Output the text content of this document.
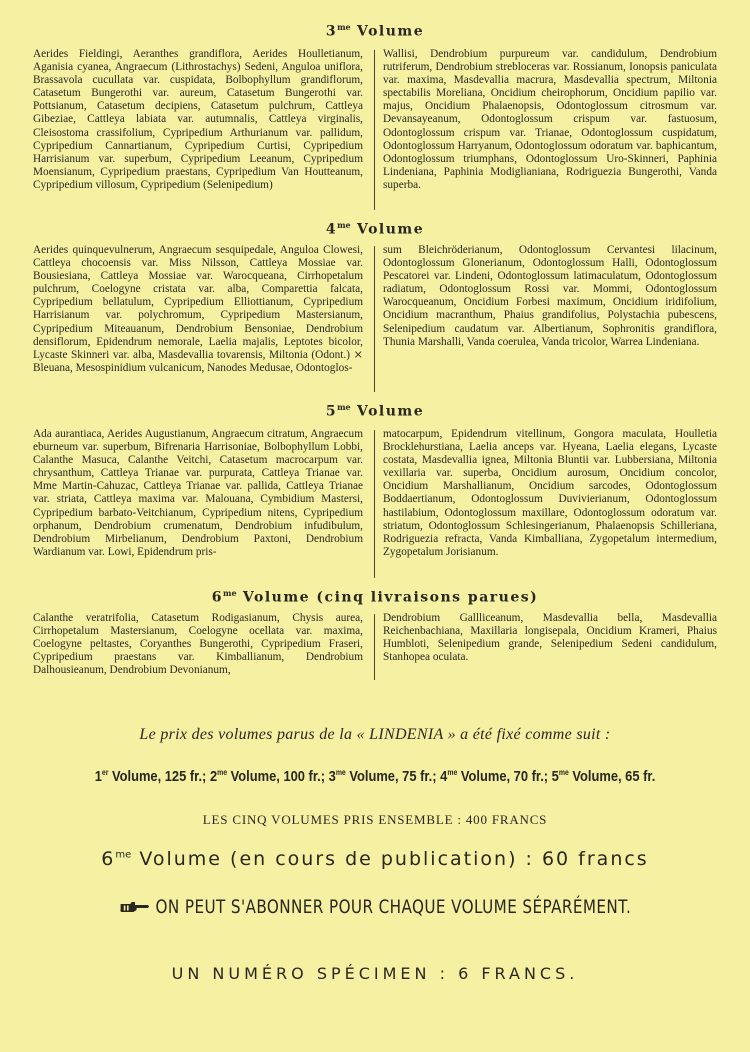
$3^{me}$ Volume
Aerides Fieldingi, Aeranthes grandiflora, Aerides Houlletianum, Aganisia cyanea, Angraecum (Lithrostachys) Sedeni, Anguloa uniflora, Brassavola cucullata var. cuspidata, Bolbophyllum grandiflorum, Catasetum Bungerothi var. aureum, Catasetum Bungerothi var. Pottsianum, Catasetum decipiens, Catasetum pulchrum, Cattleya Gibeziae, Cattleya labiata var. autumnalis, Cattleya virginalis, Cleisostoma crassifolium, Cypripedium Arthurianum var. pallidum, Cypripedium Cannartianum, Cypripedium Curtisi, Cypripedium Harrisianum var. superbum, Cypripedium Leeanum, Cypripedium Moensianum, Cypripedium praestans, Cypripedium Van Houtteanum, Cypripedium villosum, Cypripedium (Selenipedium)
Wallisi, Dendrobium purpureum var. candidulum, Dendrobium rutriferum, Dendrobium strebloceras var. Rossianum, Ionopsis paniculata var. maxima, Masdevallia macrura, Masdevallia spectrum, Miltonia spectabilis Moreliana, Oncidium cheirophorum, Oncidium papilio var. majus, Oncidium Phalaenopsis, Odontoglossum citrosmum var. Devansayeanum, Odontoglossum crispum var. fastuosum, Odontoglossum crispum var. Trianae, Odontoglossum cuspidatum, Odontoglossum Harryanum, Odontoglossum odoratum var. baphicantum, Odontoglossum triumphans, Odontoglossum Uro-Skinneri, Paphinia Lindeniana, Paphinia Modiglianiana, Rodriguezia Bungerothi, Vanda superba.
$4^{me}$ Volume
Aerides quinquevulnerum, Angraecum sesquipedale, Anguloa Clowesi, Cattleya chocoensis var. Miss Nilsson, Cattleya Mossiae var. Bousiesiana, Cattleya Mossiae var. Warocqueana, Cirrhopetalum pulchrum, Coelogyne cristata var. alba, Comparettia falcata, Cypripedium bellatulum, Cypripedium Elliottianum, Cypripedium Harrisianum var. polychromum, Cypripedium Mastersianum, Cypripedium Miteauanum, Dendrobium Bensoniae, Dendrobium densiflorum, Epidendrum nemorale, Laelia majalis, Leptotes bicolor, Lycaste Skinneri var. alba, Masdevallia tovarensis, Miltonia (Odont.) ⨯ Bleuana, Mesospinidium vulcanicum, Nanodes Medusae, Odontoglos-
sum Bleichröderianum, Odontoglossum Cervantesi lilacinum, Odontoglossum Glonerianum, Odontoglossum Halli, Odontoglossum Pescatorei var. Lindeni, Odontoglossum latimaculatum, Odontoglossum radiatum, Odontoglossum Rossi var. Mommi, Odontoglossum Warocqueanum, Oncidium Forbesi maximum, Oncidium iridifolium, Oncidium macranthum, Phaius grandifolius, Polystachia pubescens, Selenipedium caudatum var. Albertianum, Sophronitis grandiflora, Thunia Marshalli, Vanda coerulea, Vanda tricolor, Warrea Lindeniana.
$5^{me}$ Volume
Ada aurantiaca, Aerides Augustianum, Angraecum citratum, Angraecum eburneum var. superbum, Bifrenaria Harrisoniae, Bolbophyllum Lobbi, Calanthe Masuca, Calanthe Veitchi, Catasetum macrocarpum var. chrysanthum, Cattleya Trianae var. purpurata, Cattleya Trianae var. Mme Martin-Cahuzac, Cattleya Trianae var. pallida, Cattleya Trianae var. striata, Cattleya maxima var. Malouana, Cymbidium Mastersi, Cypripedium barbato-Veitchianum, Cypripedium nitens, Cypripedium orphanum, Dendrobium crumenatum, Dendrobium infudibulum, Dendrobium Mirbelianum, Dendrobium Paxtoni, Dendrobium Wardianum var. Lowi, Epidendrum pris-
matocarpum, Epidendrum vitellinum, Gongora maculata, Houlletia Brocklehurstiana, Laelia anceps var. Hyeana, Laelia elegans, Lycaste costata, Masdevallia ignea, Miltonia Bluntii var. Lubbersiana, Miltonia vexillaria var. superba, Oncidium aurosum, Oncidium concolor, Oncidium Marshallianum, Oncidium sarcodes, Odontoglossum Boddaertianum, Odontoglossum Duvivierianum, Odontoglossum hastilabium, Odontoglossum maxillare, Odontoglossum odoratum var. striatum, Odontoglossum Schlesingerianum, Phalaenopsis Schilleriana, Rodriguezia refracta, Vanda Kimballiana, Zygopetalum intermedium, Zygopetalum Jorisianum.
$6^{me}$ Volume (cinq livraisons parues)
Calanthe veratrifolia, Catasetum Rodigasianum, Chysis aurea, Cirrhopetalum Mastersianum, Coelogyne ocellata var. maxima, Coelogyne peltastes, Coryanthes Bungerothi, Cypripedium Fraseri, Cypripedium praestans var. Kimballianum, Dendrobium Dalhousieanum, Dendrobium Devonianum,
Dendrobium Gallliceanum, Masdevallia bella, Masdevallia Reichenbachiana, Maxillaria longisepala, Oncidium Krameri, Phaius Humbloti, Selenipedium grande, Selenipedium Sedeni candidulum, Stanhopea oculata.
Le prix des volumes parus de la « LINDENIA » a été fixé comme suit :
1er Volume, 125 fr.; $2^{me}$ Volume, 100 fr.; $3^{me}$ Volume, 75 fr.; $4^{me}$ Volume, 70 fr.; $5^{me}$ Volume, 65 fr.
LES CINQ VOLUMES PRIS ENSEMBLE : 400 FRANCS
$6^{me}$ Volume (en cours de publication) : 60 francs
ON PEUT S'ABONNER POUR CHAQUE VOLUME SÉPARÉMENT.
UN NUMÉRO SPÉCIMEN : 6 FRANCS.
